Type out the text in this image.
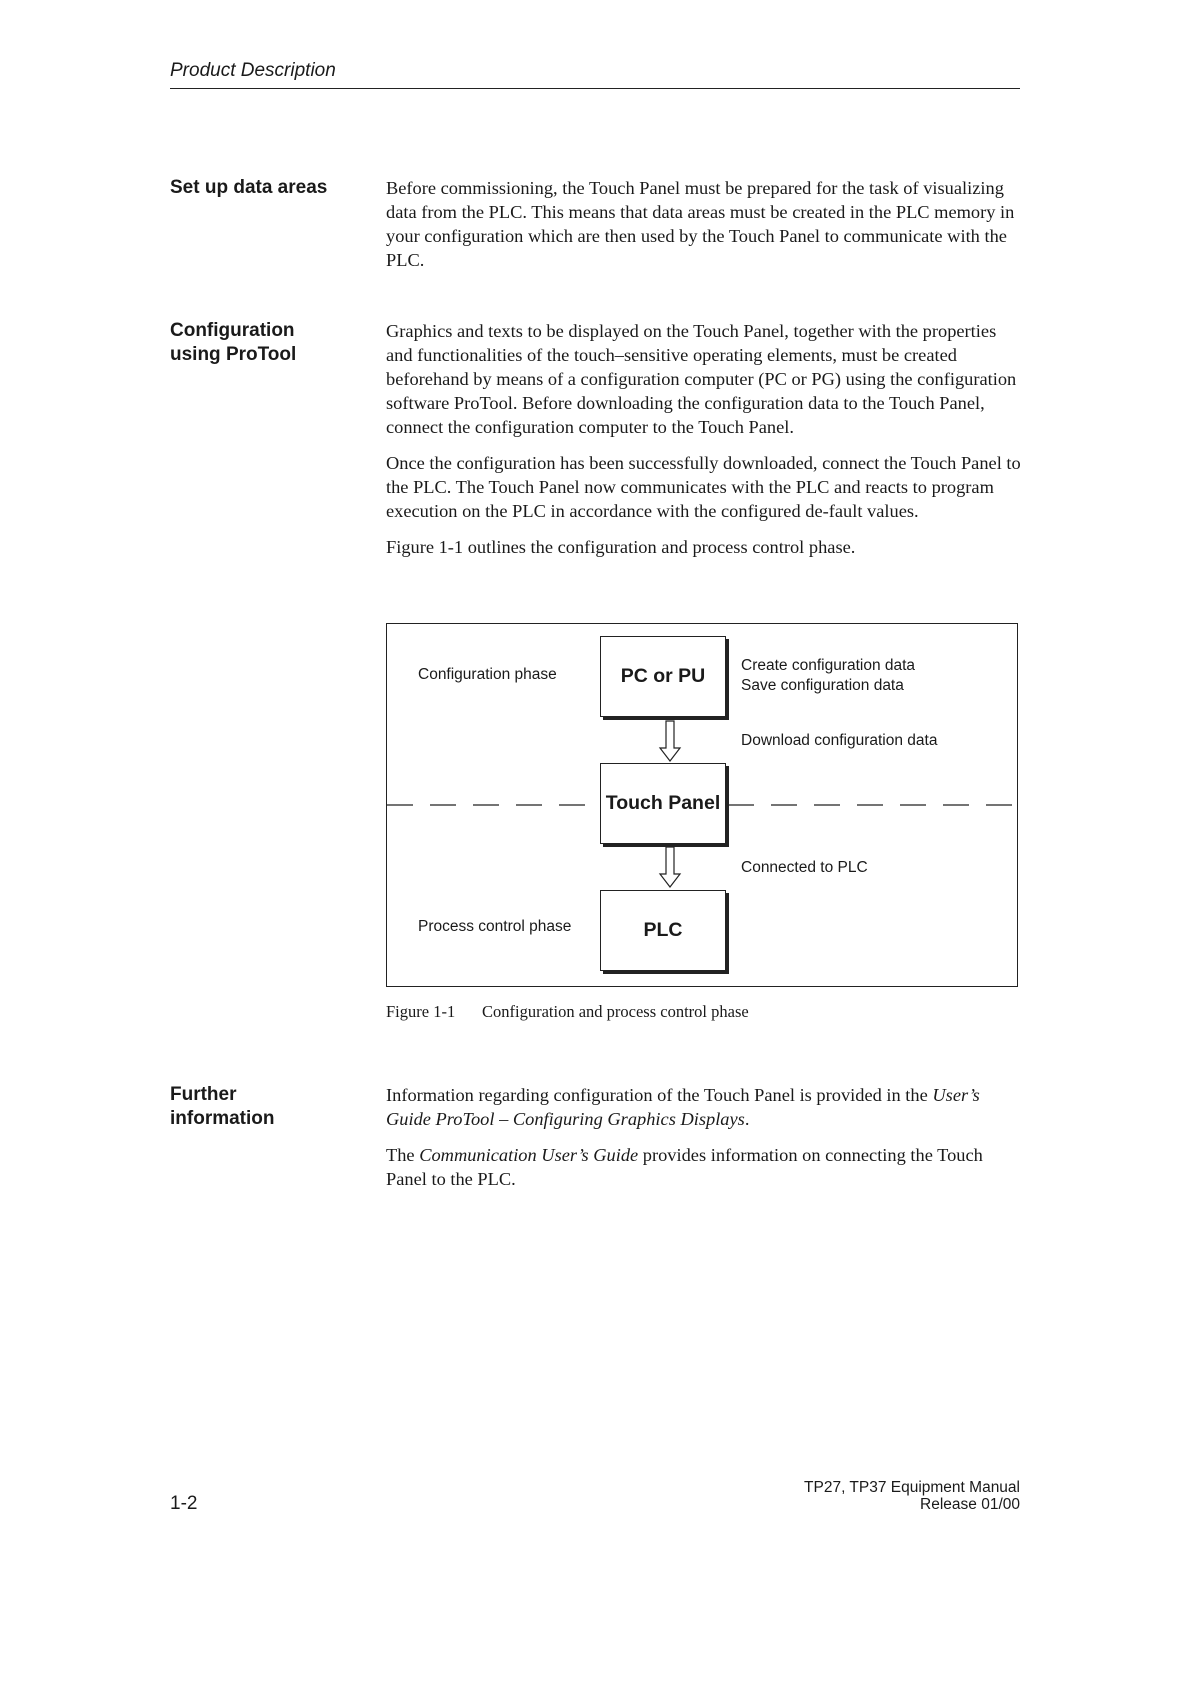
Product Description
Set up data areas	Before commissioning, the Touch Panel must be prepared for the task of visualizing data from the PLC. This means that data areas must be created in the PLC memory in your configuration which are then used by the Touch Panel to communicate with the PLC.

Configuration
using ProTool

Graphics and texts to be displayed on the Touch Panel, together with the properties and functionalities of the touch–sensitive operating elements, must be created beforehand by means of a configuration computer (PC or PG) using the configuration software ProTool. Before downloading the configuration data to the Touch Panel, connect the configuration computer to the Touch Panel.

Once the configuration has been successfully downloaded, connect the Touch Panel to the PLC. The Touch Panel now communicates with the PLC and reacts to program execution on the PLC in accordance with the configured de-fault values.

Figure 1-1 outlines the configuration and process control phase.

Configuration phase
Process control phase
Create configuration data
Save configuration data
Download configuration data
Connected to PLC
PC or PU
Touch Panel
PLC
Figure 1-1 Configuration and process control phase
Further
information

Information regarding configuration of the Touch Panel is provided in the User’s Guide ProTool – Configuring Graphics Displays.

The Communication User’s Guide provides information on connecting the Touch Panel to the PLC.

1-2
TP27, TP37 Equipment Manual
Release 01/00
